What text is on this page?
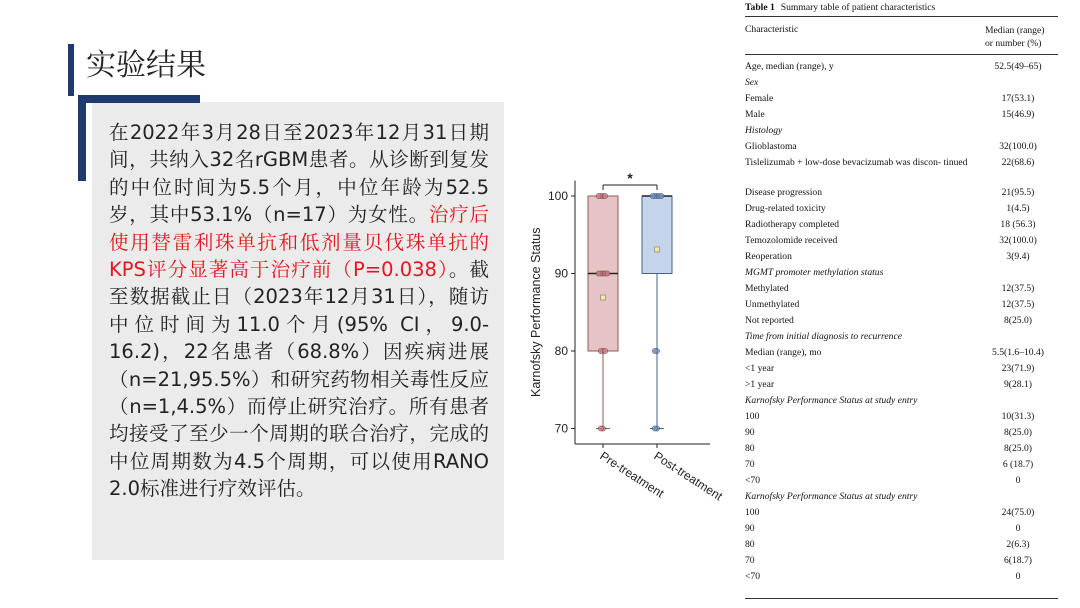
实验结果
在2022年3月28日至2023年12月31日期间，共纳入32名rGBM患者。从诊断到复发的中位时间为5.5个月，中位年龄为52.5岁，其中53.1%（n=17）为女性。治疗后使用替雷利珠单抗和低剂量贝伐珠单抗的KPS评分显著高于治疗前（P=0.038）。截至数据截止日（2023年12月31日），随访中位时间为11.0个月(95% CI，9.0-16.2)，22名患者（68.8%）因疾病进展（n=21,95.5%）和研究药物相关毒性反应（n=1,4.5%）而停止研究治疗。所有患者均接受了至少一个周期的联合治疗，完成的中位周期数为4.5个周期，可以使用RANO 2.0标准进行疗效评估。
70
80
90
100
Karnofsky Performance Status
Pre-treatment
Post-treatment
*
Table 1 Summary table of patient characteristics
Characteristic	Median (range)
or number (%)
Age, median (range), y	52.5(49–65)
Sex
Female	17(53.1)
Male	15(46.9)
Histology
Glioblastoma	32(100.0)
Tislelizumab + low-dose bevacizumab was discon- tinued	22(68.6)
Disease progression	21(95.5)
Drug-related toxicity	1(4.5)
Radiotherapy completed	18 (56.3)
Temozolomide received	32(100.0)
Reoperation	3(9.4)
MGMT promoter methylation status
Methylated	12(37.5)
Unmethylated	12(37.5)
Not reported	8(25.0)
Time from initial diagnosis to recurrence
Median (range), mo	5.5(1.6–10.4)
<1 year	23(71.9)
>1 year	9(28.1)
Karnofsky Performance Status at study entry
100	10(31.3)
90	8(25.0)
80	8(25.0)
70	6 (18.7)
<70	0
Karnofsky Performance Status at study entry
100	24(75.0)
90	0
80	2(6.3)
70	6(18.7)
<70	0
